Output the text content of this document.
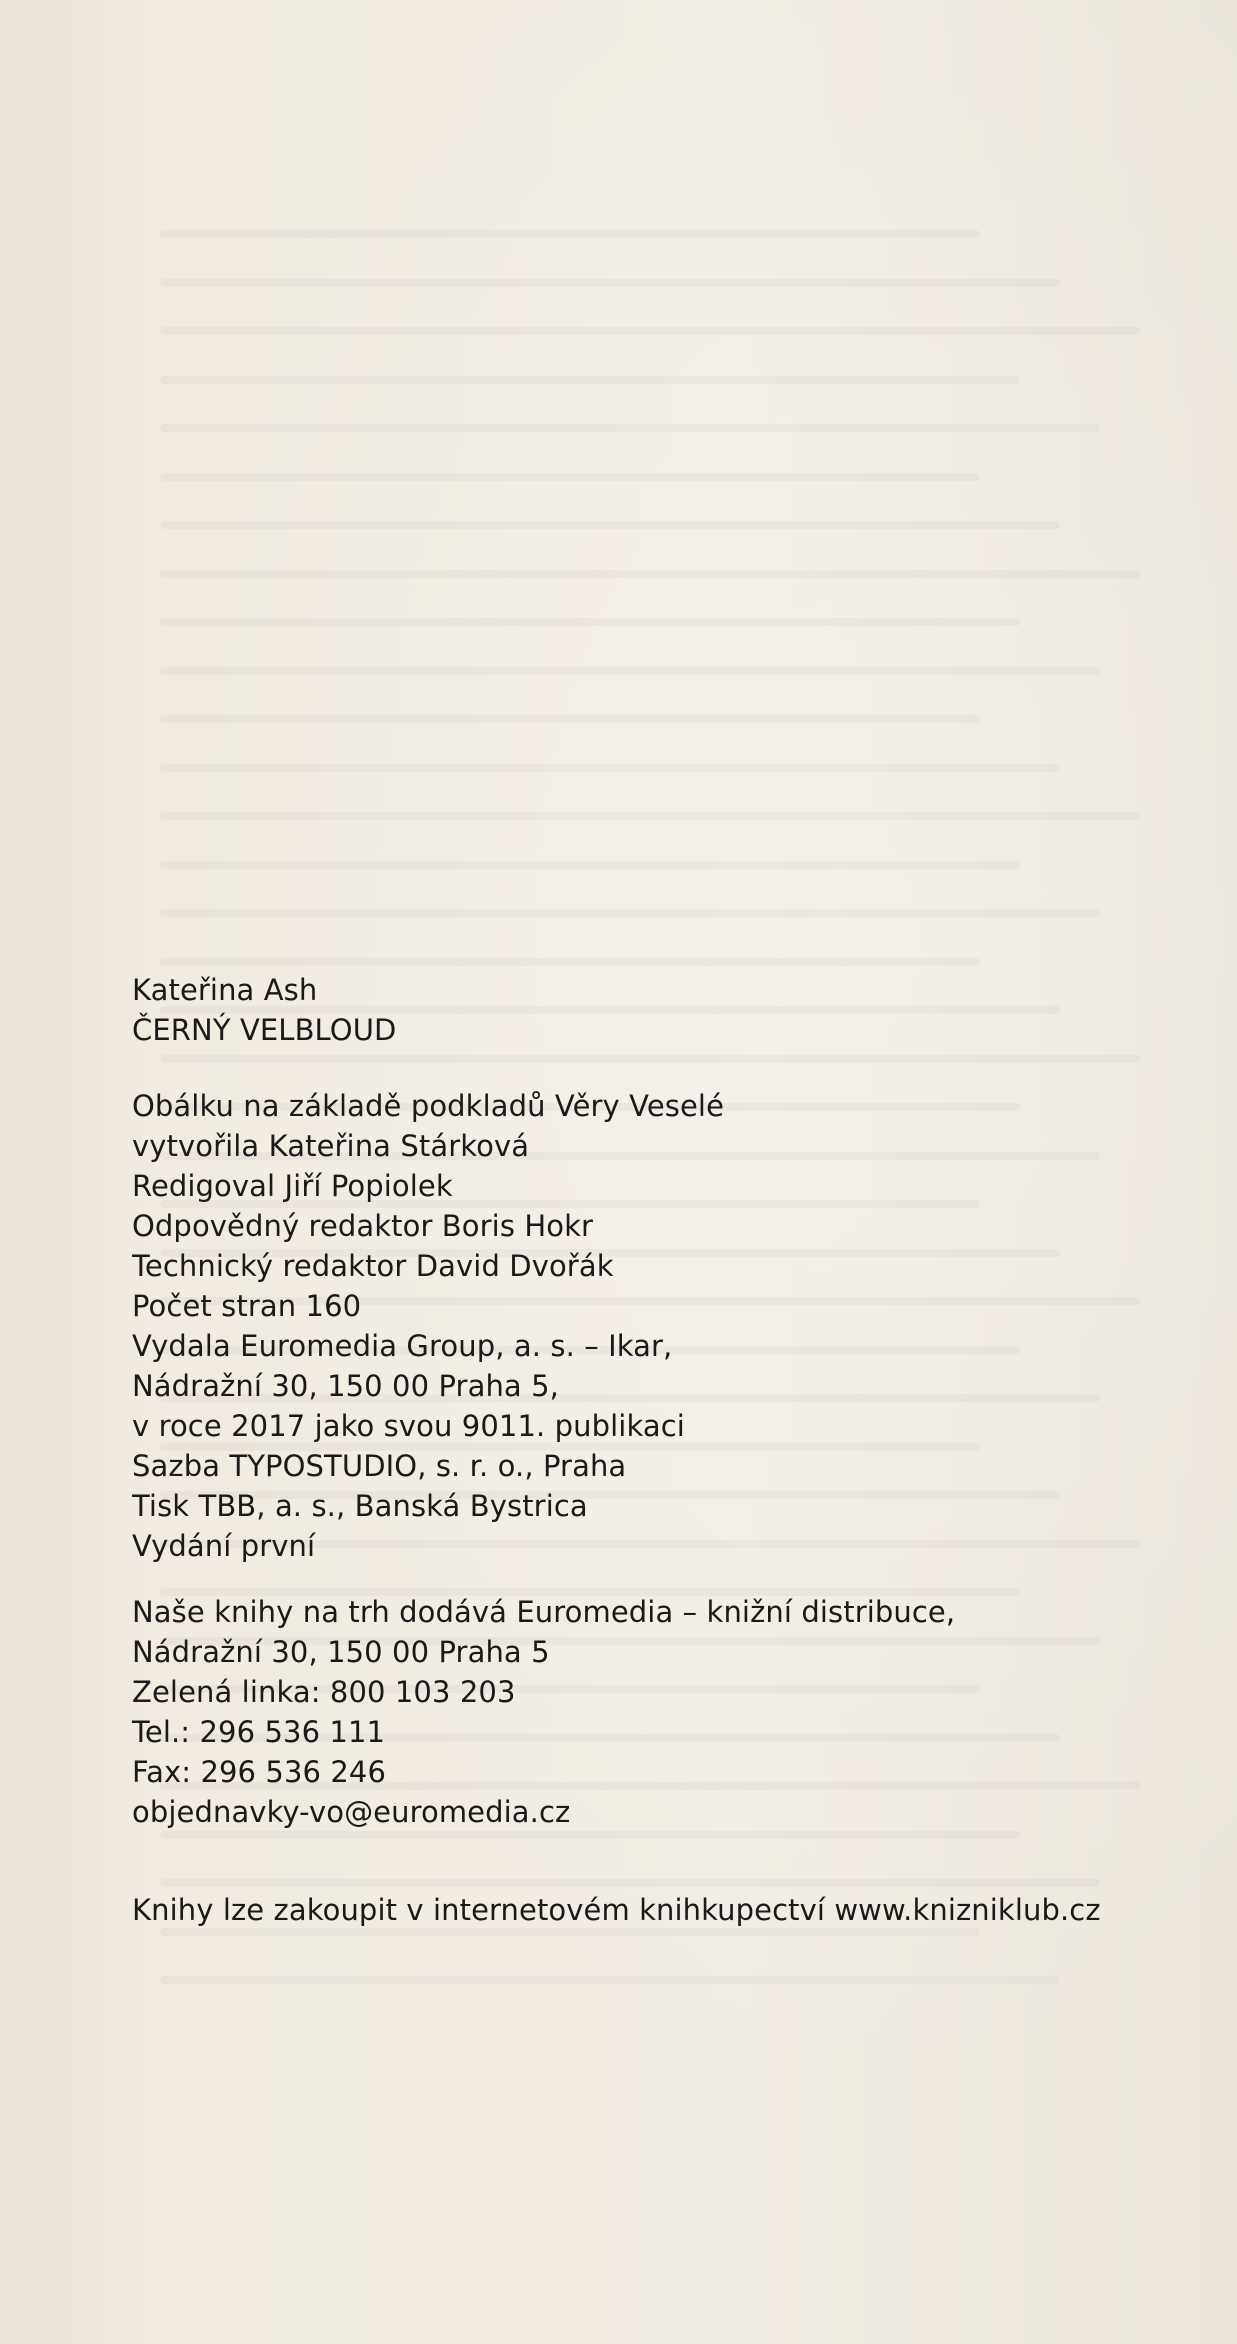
Kateřina Ash
ČERNÝ VELBLOUD
Obálku na základě podkladů Věry Veselé
vytvořila Kateřina Stárková
Redigoval Jiří Popiolek
Odpovědný redaktor Boris Hokr
Technický redaktor David Dvořák
Počet stran 160
Vydala Euromedia Group, a. s. – Ikar,
Nádražní 30, 150 00 Praha 5,
v roce 2017 jako svou 9011. publikaci
Sazba TYPOSTUDIO, s. r. o., Praha
Tisk TBB, a. s., Banská Bystrica
Vydání první
Naše knihy na trh dodává Euromedia – knižní distribuce,
Nádražní 30, 150 00 Praha 5
Zelená linka: 800 103 203
Tel.: 296 536 111
Fax: 296 536 246
objednavky-vo@euromedia.cz
Knihy lze zakoupit v internetovém knihkupectví www.knizniklub.cz
